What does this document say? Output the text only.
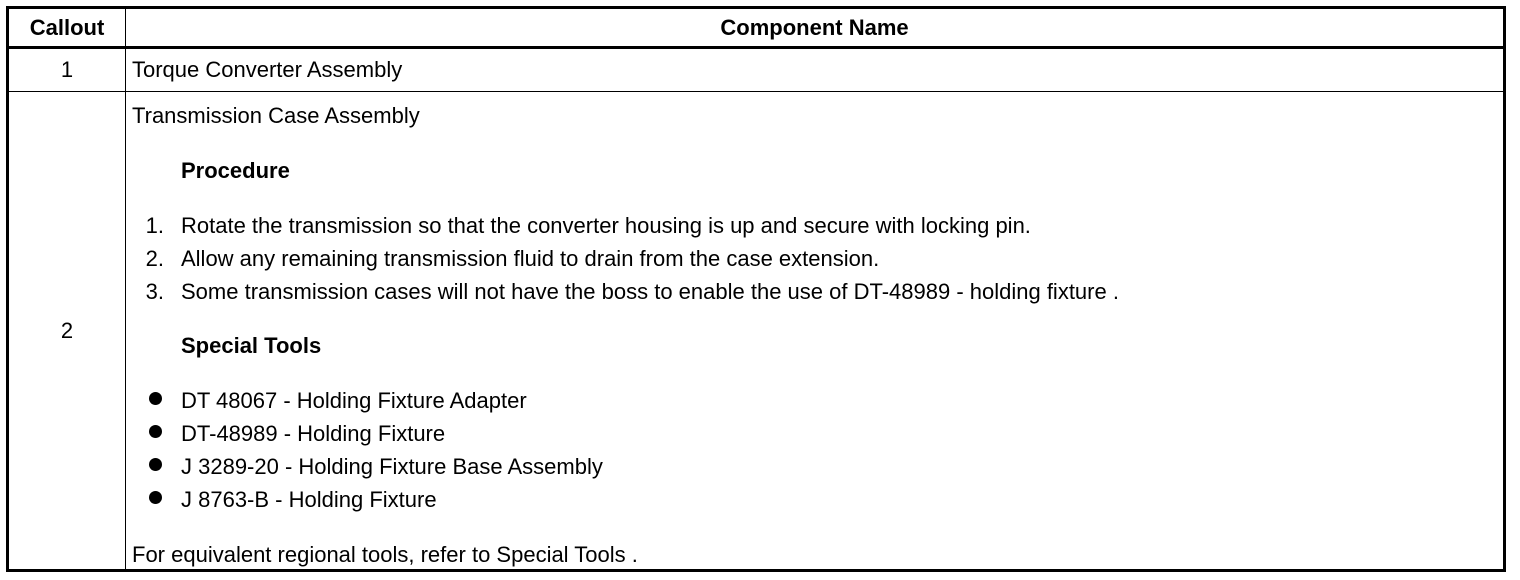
Callout	Component Name
1	Torque Converter Assembly
2
Transmission Case Assembly
Procedure
1. Rotate the transmission so that the converter housing is up and secure with locking pin.
2. Allow any remaining transmission fluid to drain from the case extension.
3. Some transmission cases will not have the boss to enable the use of DT-48989 - holding fixture .
Special Tools
DT 48067 - Holding Fixture Adapter
DT-48989 - Holding Fixture
J 3289-20 - Holding Fixture Base Assembly
J 8763-B - Holding Fixture
For equivalent regional tools, refer to Special Tools .
